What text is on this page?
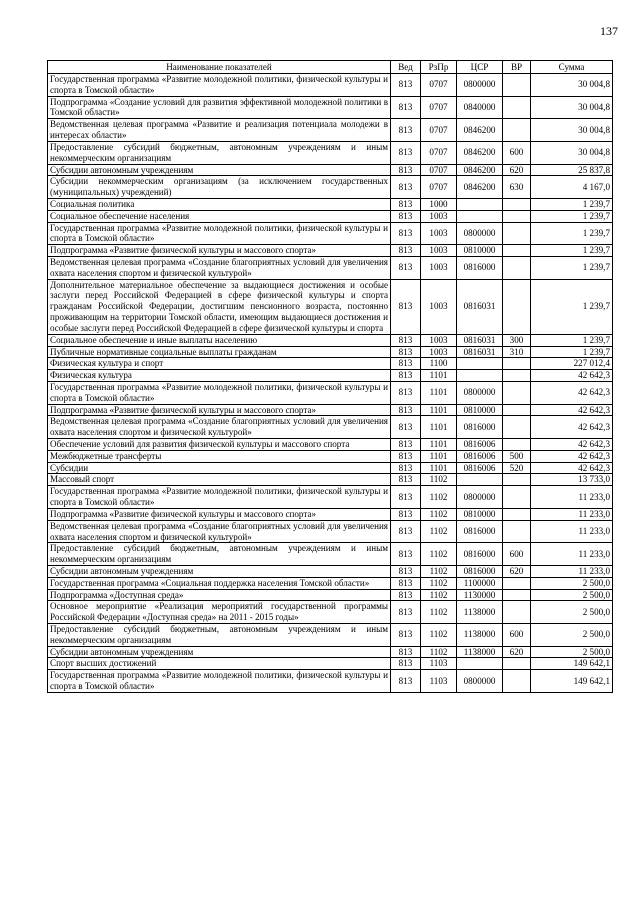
137
Наименование показателей	Вед	РзПр	ЦСР	ВР	Сумма
Государственная программа «Развитие молодежной политики, физической культуры и спорта в Томской области»	813	0707	0800000		30 004,8
Подпрограмма «Создание условий для развития эффективной молодежной политики в Томской области»	813	0707	0840000		30 004,8
Ведомственная целевая программа «Развитие и реализация потенциала молодежи в интересах области»	813	0707	0846200		30 004,8
Предоставление субсидий бюджетным, автономным учреждениям и иным некоммерческим организациям	813	0707	0846200	600	30 004,8
Субсидии автономным учреждениям	813	0707	0846200	620	25 837,8
Субсидии некоммерческим организациям (за исключением государственных (муниципальных) учреждений)	813	0707	0846200	630	4 167,0
Социальная политика	813	1000			1 239,7
Социальное обеспечение населения	813	1003			1 239,7
Государственная программа «Развитие молодежной политики, физической культуры и спорта в Томской области»	813	1003	0800000		1 239,7
Подпрограмма «Развитие физической культуры и массового спорта»	813	1003	0810000		1 239,7
Ведомственная целевая программа «Создание благоприятных условий для увеличения охвата населения спортом и физической культурой»	813	1003	0816000		1 239,7
Дополнительное материальное обеспечение за выдающиеся достижения и особые заслуги перед Российской Федерацией в сфере физической культуры и спорта гражданам Российской Федерации, достигшим пенсионного возраста, постоянно проживающим на территории Томской области, имеющим выдающиеся достижения и особые заслуги перед Российской Федерацией в сфере физической культуры и спорта	813	1003	0816031		1 239,7
Социальное обеспечение и иные выплаты населению	813	1003	0816031	300	1 239,7
Публичные нормативные социальные выплаты гражданам	813	1003	0816031	310	1 239,7
Физическая культура и спорт	813	1100			227 012,4
Физическая культура	813	1101			42 642,3
Государственная программа «Развитие молодежной политики, физической культуры и спорта в Томской области»	813	1101	0800000		42 642,3
Подпрограмма «Развитие физической культуры и массового спорта»	813	1101	0810000		42 642,3
Ведомственная целевая программа «Создание благоприятных условий для увеличения охвата населения спортом и физической культурой»	813	1101	0816000		42 642,3
Обеспечение условий для развития физической культуры и массового спорта	813	1101	0816006		42 642,3
Межбюджетные трансферты	813	1101	0816006	500	42 642,3
Субсидии	813	1101	0816006	520	42 642,3
Массовый спорт	813	1102			13 733,0
Государственная программа «Развитие молодежной политики, физической культуры и спорта в Томской области»	813	1102	0800000		11 233,0
Подпрограмма «Развитие физической культуры и массового спорта»	813	1102	0810000		11 233,0
Ведомственная целевая программа «Создание благоприятных условий для увеличения охвата населения спортом и физической культурой»	813	1102	0816000		11 233,0
Предоставление субсидий бюджетным, автономным учреждениям и иным некоммерческим организациям	813	1102	0816000	600	11 233,0
Субсидии автономным учреждениям	813	1102	0816000	620	11 233,0
Государственная программа «Социальная поддержка населения Томской области»	813	1102	1100000		2 500,0
Подпрограмма «Доступная среда»	813	1102	1130000		2 500,0
Основное мероприятие «Реализация мероприятий государственной программы Российской Федерации «Доступная среда» на 2011 - 2015 годы»	813	1102	1138000		2 500,0
Предоставление субсидий бюджетным, автономным учреждениям и иным некоммерческим организациям	813	1102	1138000	600	2 500,0
Субсидии автономным учреждениям	813	1102	1138000	620	2 500,0
Спорт высших достижений	813	1103			149 642,1
Государственная программа «Развитие молодежной политики, физической культуры и спорта в Томской области»	813	1103	0800000		149 642,1
